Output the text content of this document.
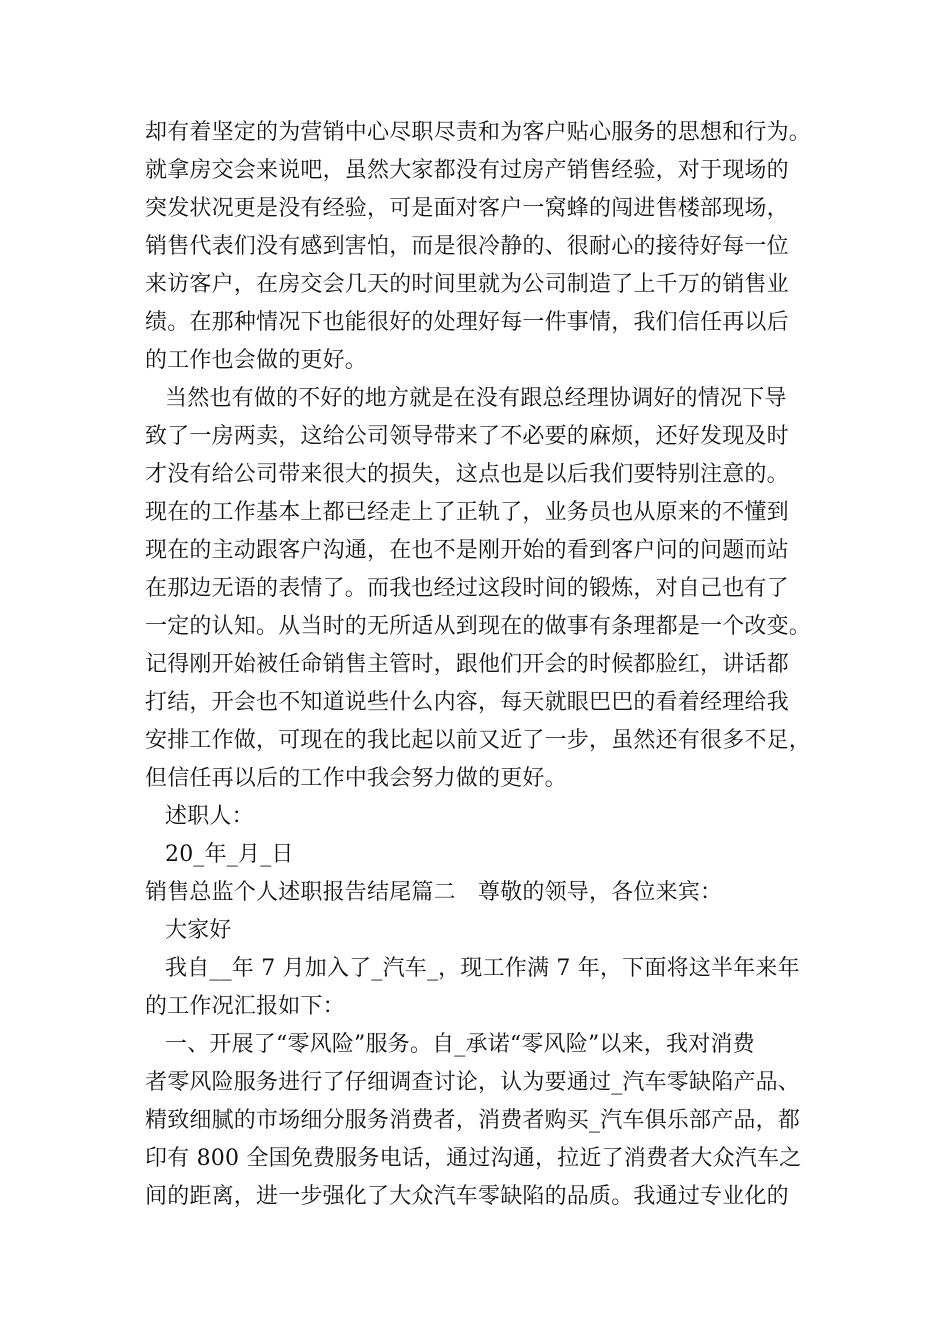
却有着坚定的为营销中心尽职尽责和为客户贴心服务的思想和行为。
就拿房交会来说吧，虽然大家都没有过房产销售经验，对于现场的
突发状况更是没有经验，可是面对客户一窝蜂的闯进售楼部现场，
销售代表们没有感到害怕，而是很冷静的、很耐心的接待好每一位
来访客户，在房交会几天的时间里就为公司制造了上千万的销售业
绩。在那种情况下也能很好的处理好每一件事情，我们信任再以后
的工作也会做的更好。
当然也有做的不好的地方就是在没有跟总经理协调好的情况下导
致了一房两卖，这给公司领导带来了不必要的麻烦，还好发现及时
才没有给公司带来很大的损失，这点也是以后我们要特别注意的。
现在的工作基本上都已经走上了正轨了，业务员也从原来的不懂到
现在的主动跟客户沟通，在也不是刚开始的看到客户问的问题而站
在那边无语的表情了。而我也经过这段时间的锻炼，对自己也有了
一定的认知。从当时的无所适从到现在的做事有条理都是一个改变。
记得刚开始被任命销售主管时，跟他们开会的时候都脸红，讲话都
打结，开会也不知道说些什么内容，每天就眼巴巴的看着经理给我
安排工作做，可现在的我比起以前又近了一步，虽然还有很多不足，
但信任再以后的工作中我会努力做的更好。
述职人：
20_年_月_日
销售总监个人述职报告结尾篇二　尊敬的领导，各位来宾：
大家好
我自__年 7 月加入了_汽车_，现工作满 7 年，下面将这半年来年
的工作况汇报如下：
一、开展了“零风险”服务。自_承诺“零风险”以来，我对消费
者零风险服务进行了仔细调查讨论，认为要通过_汽车零缺陷产品、
精致细腻的市场细分服务消费者，消费者购买_汽车俱乐部产品，都
印有 800 全国免费服务电话，通过沟通，拉近了消费者大众汽车之
间的距离，进一步强化了大众汽车零缺陷的品质。我通过专业化的
